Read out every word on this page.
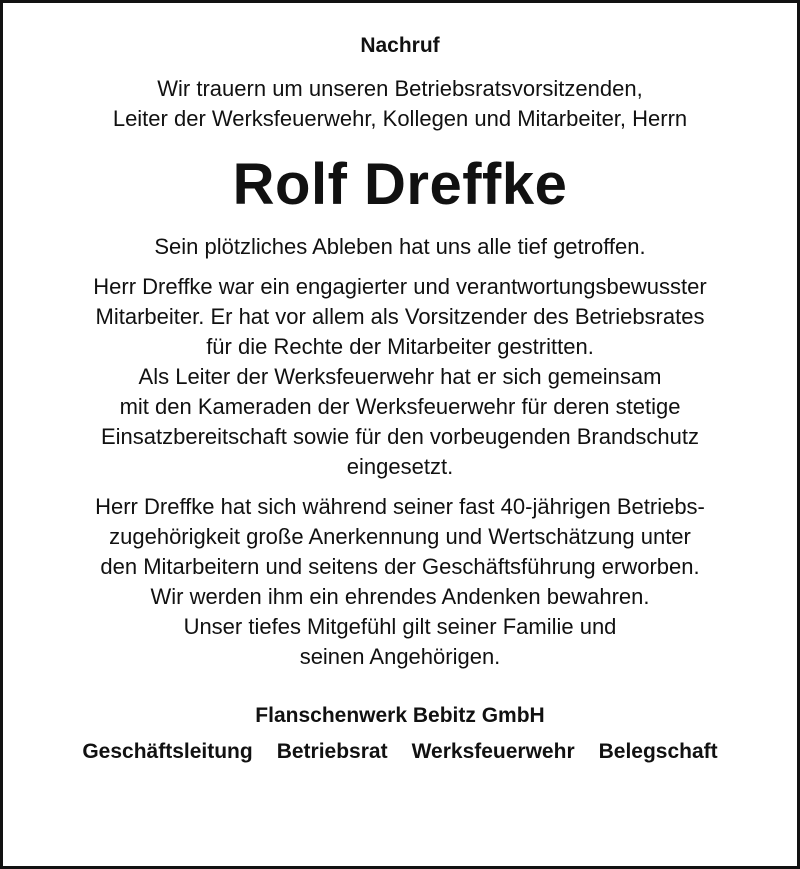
Nachruf
Wir trauern um unseren Betriebsratsvorsitzenden,
Leiter der Werksfeuerwehr, Kollegen und Mitarbeiter, Herrn
Rolf Dreffke
Sein plötzliches Ableben hat uns alle tief getroffen.
Herr Dreffke war ein engagierter und verantwortungsbewusster
Mitarbeiter. Er hat vor allem als Vorsitzender des Betriebsrates
für die Rechte der Mitarbeiter gestritten.
Als Leiter der Werksfeuerwehr hat er sich gemeinsam
mit den Kameraden der Werksfeuerwehr für deren stetige
Einsatzbereitschaft sowie für den vorbeugenden Brandschutz
eingesetzt.
Herr Dreffke hat sich während seiner fast 40-jährigen Betriebs-
zugehörigkeit große Anerkennung und Wertschätzung unter
den Mitarbeitern und seitens der Geschäftsführung erworben.
Wir werden ihm ein ehrendes Andenken bewahren.
Unser tiefes Mitgefühl gilt seiner Familie und
seinen Angehörigen.
Flanschenwerk Bebitz GmbH
Geschäftsleitung Betriebsrat Werksfeuerwehr Belegschaft
